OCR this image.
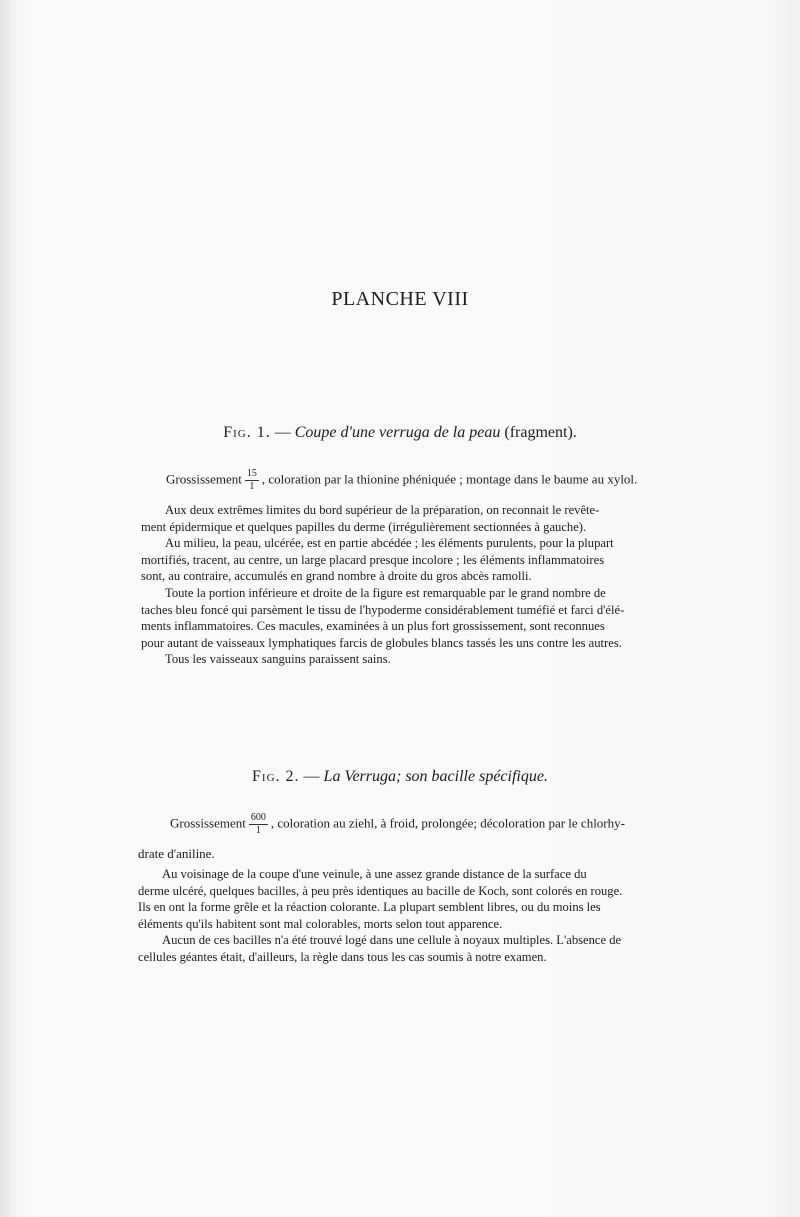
PLANCHE VIII
Fig. 1. — Coupe d'une verruga de la peau (fragment).
Grossissement $\frac{15}{1}$ , coloration par la thionine phéniquée ; montage dans le baume au xylol.
Aux deux extrêmes limites du bord supérieur de la préparation, on reconnait le revête-
ment épidermique et quelques papilles du derme (irrégulièrement sectionnées à gauche).
Au milieu, la peau, ulcérée, est en partie abcédée ; les éléments purulents, pour la plupart
mortifiés, tracent, au centre, un large placard presque incolore ; les éléments inflammatoires
sont, au contraire, accumulés en grand nombre à droite du gros abcès ramolli.
Toute la portion inférieure et droite de la figure est remarquable par le grand nombre de
taches bleu foncé qui parsèment le tissu de l'hypoderme considérablement tuméfié et farci d'élé-
ments inflammatoires. Ces macules, examinées à un plus fort grossissement, sont reconnues
pour autant de vaisseaux lymphatiques farcis de globules blancs tassés les uns contre les autres.
Tous les vaisseaux sanguins paraissent sains.
Fig. 2. — La Verruga; son bacille spécifique.
Grossissement $\frac{600}{1}$ , coloration au ziehl, à froid, prolongée; décoloration par le chlorhy-
drate d'aniline.
Au voisinage de la coupe d'une veinule, à une assez grande distance de la surface du
derme ulcéré, quelques bacilles, à peu près identiques au bacille de Koch, sont colorés en rouge.
Ils en ont la forme grêle et la réaction colorante. La plupart semblent libres, ou du moins les
éléments qu'ils habitent sont mal colorables, morts selon tout apparence.
Aucun de ces bacilles n'a été trouvé logé dans une cellule à noyaux multiples. L'absence de
cellules géantes était, d'ailleurs, la règle dans tous les cas soumis à notre examen.
